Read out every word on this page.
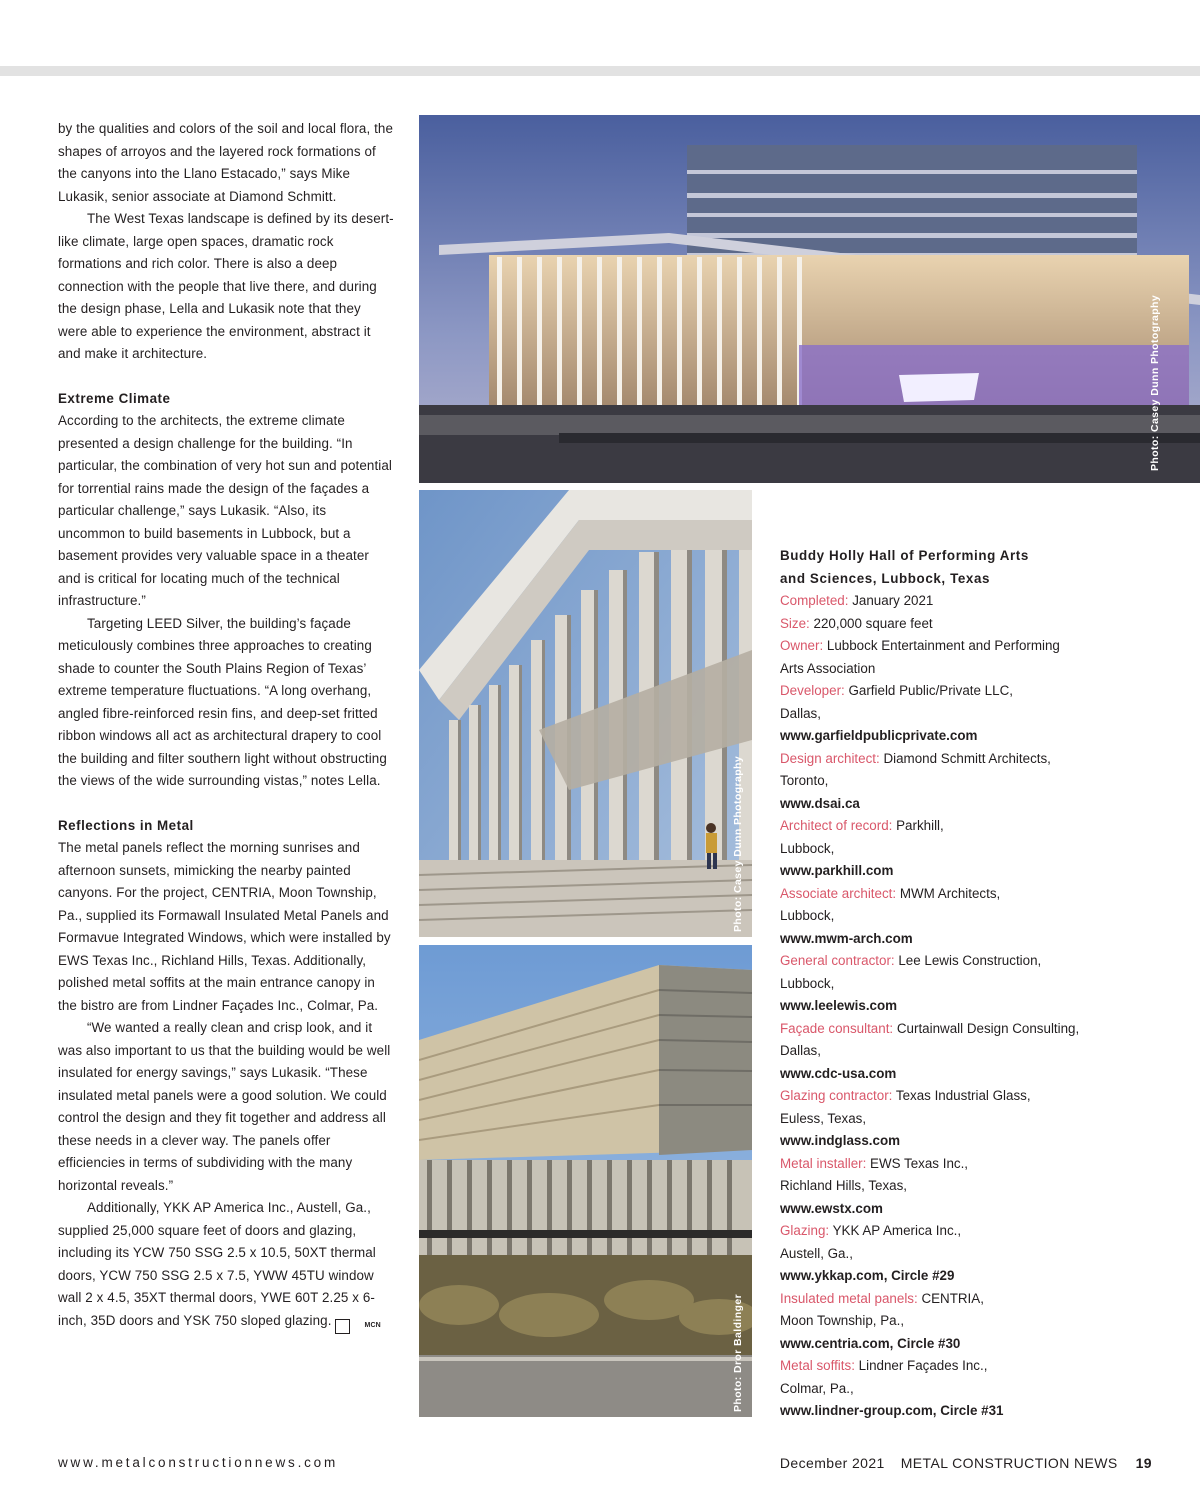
by the qualities and colors of the soil and local flora, the shapes of arroyos and the layered rock formations of the canyons into the Llano Estacado,” says Mike Lukasik, senior associate at Diamond Schmitt.

The West Texas landscape is defined by its desert-like climate, large open spaces, dramatic rock formations and rich color. There is also a deep connection with the people that live there, and during the design phase, Lella and Lukasik note that they were able to experience the environment, abstract it and make it architecture.

Extreme Climate

According to the architects, the extreme climate presented a design challenge for the building. “In particular, the combination of very hot sun and potential for torrential rains made the design of the façades a particular challenge,” says Lukasik. “Also, its uncommon to build basements in Lubbock, but a basement provides very valuable space in a theater and is critical for locating much of the technical infrastructure.”

Targeting LEED Silver, the building’s façade meticulously combines three approaches to creating shade to counter the South Plains Region of Texas’ extreme temperature fluctuations. “A long overhang, angled fibre-reinforced resin fins, and deep-set fritted ribbon windows all act as architectural drapery to cool the building and filter southern light without obstructing the views of the wide surrounding vistas,” notes Lella.

Reflections in Metal

The metal panels reflect the morning sunrises and afternoon sunsets, mimicking the nearby painted canyons. For the project, CENTRIA, Moon Township, Pa., supplied its Formawall Insulated Metal Panels and Formavue Integrated Windows, which were installed by EWS Texas Inc., Richland Hills, Texas. Additionally, polished metal soffits at the main entrance canopy in the bistro are from Lindner Façades Inc., Colmar, Pa.

“We wanted a really clean and crisp look, and it was also important to us that the building would be well insulated for energy savings,” says Lukasik. “These insulated metal panels were a good solution. We could control the design and they fit together and address all these needs in a clever way. The panels offer efficiencies in terms of subdividing with the many horizontal reveals.”

Additionally, YKK AP America Inc., Austell, Ga., supplied 25,000 square feet of doors and glazing, including its YCW 750 SSG 2.5 x 10.5, 50XT thermal doors, YCW 750 SSG 2.5 x 7.5, YWW 45TU window wall 2 x 4.5, 35XT thermal doors, YWE 60T 2.25 x 6-inch, 35D doors and YSK 750 sloped glazing.	MCN

Photo: Casey Dunn Photography
Photo: Casey Dunn Photography
Photo: Dror Baldinger
Buddy Holly Hall of Performing Arts
and Sciences, Lubbock, Texas
Completed: January 2021
Size: 220,000 square feet
Owner: Lubbock Entertainment and Performing
Arts Association
Developer: Garfield Public/Private LLC,
Dallas,
www.garfieldpublicprivate.com
Design architect: Diamond Schmitt Architects,
Toronto,
www.dsai.ca
Architect of record: Parkhill,
Lubbock,
www.parkhill.com
Associate architect: MWM Architects,
Lubbock,
www.mwm-arch.com
General contractor: Lee Lewis Construction,
Lubbock,
www.leelewis.com
Façade consultant: Curtainwall Design Consulting,
Dallas,
www.cdc-usa.com
Glazing contractor: Texas Industrial Glass,
Euless, Texas,
www.indglass.com
Metal installer: EWS Texas Inc.,
Richland Hills, Texas,
www.ewstx.com
Glazing: YKK AP America Inc.,
Austell, Ga.,
www.ykkap.com, Circle #29
Insulated metal panels: CENTRIA,
Moon Township, Pa.,
www.centria.com, Circle #30
Metal soffits: Lindner Façades Inc.,
Colmar, Pa.,
www.lindner-group.com, Circle #31
www.metalconstructionnews.com	December 2021 METAL CONSTRUCTION NEWS 19
